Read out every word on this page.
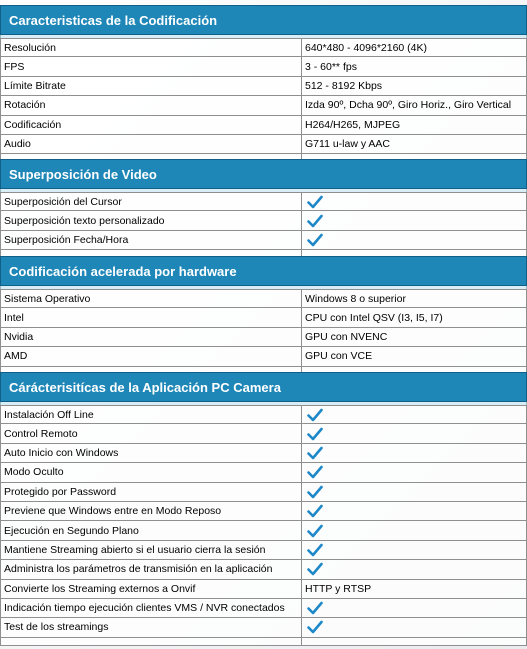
Caracteristicas de la Codificación
Resolución	640*480 - 4096*2160 (4K)
FPS	3 - 60** fps
Límite Bitrate	512 - 8192 Kbps
Rotación	Izda 90º, Dcha 90º, Giro Horiz., Giro Vertical
Codificación	H264/H265, MJPEG
Audio	G711 u-law y AAC
Superposición de Video
Superposición del Cursor
Superposición texto personalizado
Superposición Fecha/Hora
Codificación acelerada por hardware
Sistema Operativo	Windows 8 o superior
Intel	CPU con Intel QSV (I3, I5, I7)
Nvidia	GPU con NVENC
AMD	GPU con VCE
Cárácterisitícas de la Aplicación PC Camera
Instalación Off Line
Control Remoto
Auto Inicio con Windows
Modo Oculto
Protegido por Password
Previene que Windows entre en Modo Reposo
Ejecución en Segundo Plano
Mantiene Streaming abierto si el usuario cierra la sesión
Administra los parámetros de transmisión en la aplicación
Convierte los Streaming externos a Onvif	HTTP y RTSP
Indicación tiempo ejecución clientes VMS / NVR conectados
Test de los streamings
